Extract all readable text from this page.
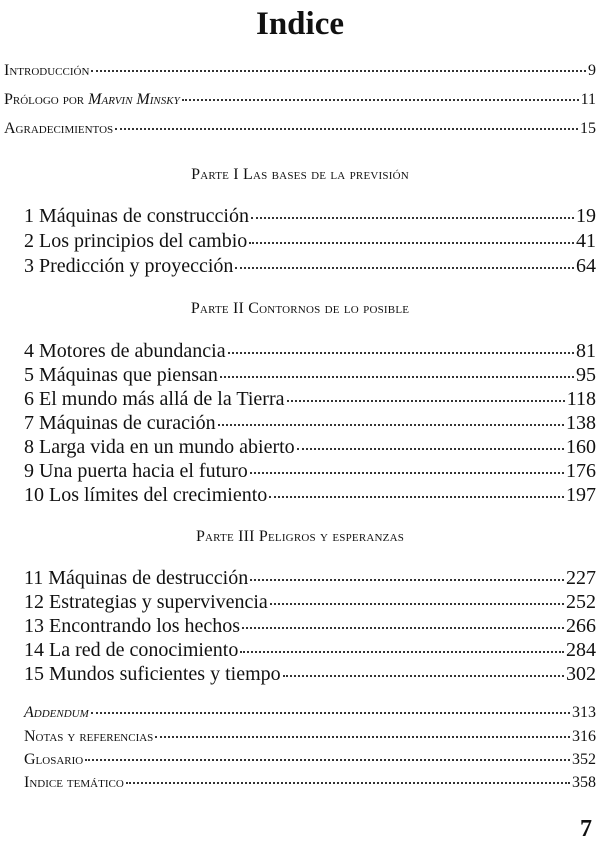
Indice
Introducción	9
Prólogo por Marvin Minsky	11
Agradecimientos	15
Parte I Las bases de la previsión
1 Máquinas de construcción	19
2 Los principios del cambio	41
3 Predicción y proyección	64
Parte II Contornos de lo posible
4 Motores de abundancia	81
5 Máquinas que piensan	95
6 El mundo más allá de la Tierra	118
7 Máquinas de curación	138
8 Larga vida en un mundo abierto	160
9 Una puerta hacia el futuro	176
10 Los límites del crecimiento	197
Parte III Peligros y esperanzas
11 Máquinas de destrucción	227
12 Estrategias y supervivencia	252
13 Encontrando los hechos	266
14 La red de conocimiento	284
15 Mundos suficientes y tiempo	302
Addendum	313
Notas y referencias	316
Glosario	352
Indice temático	358
7
